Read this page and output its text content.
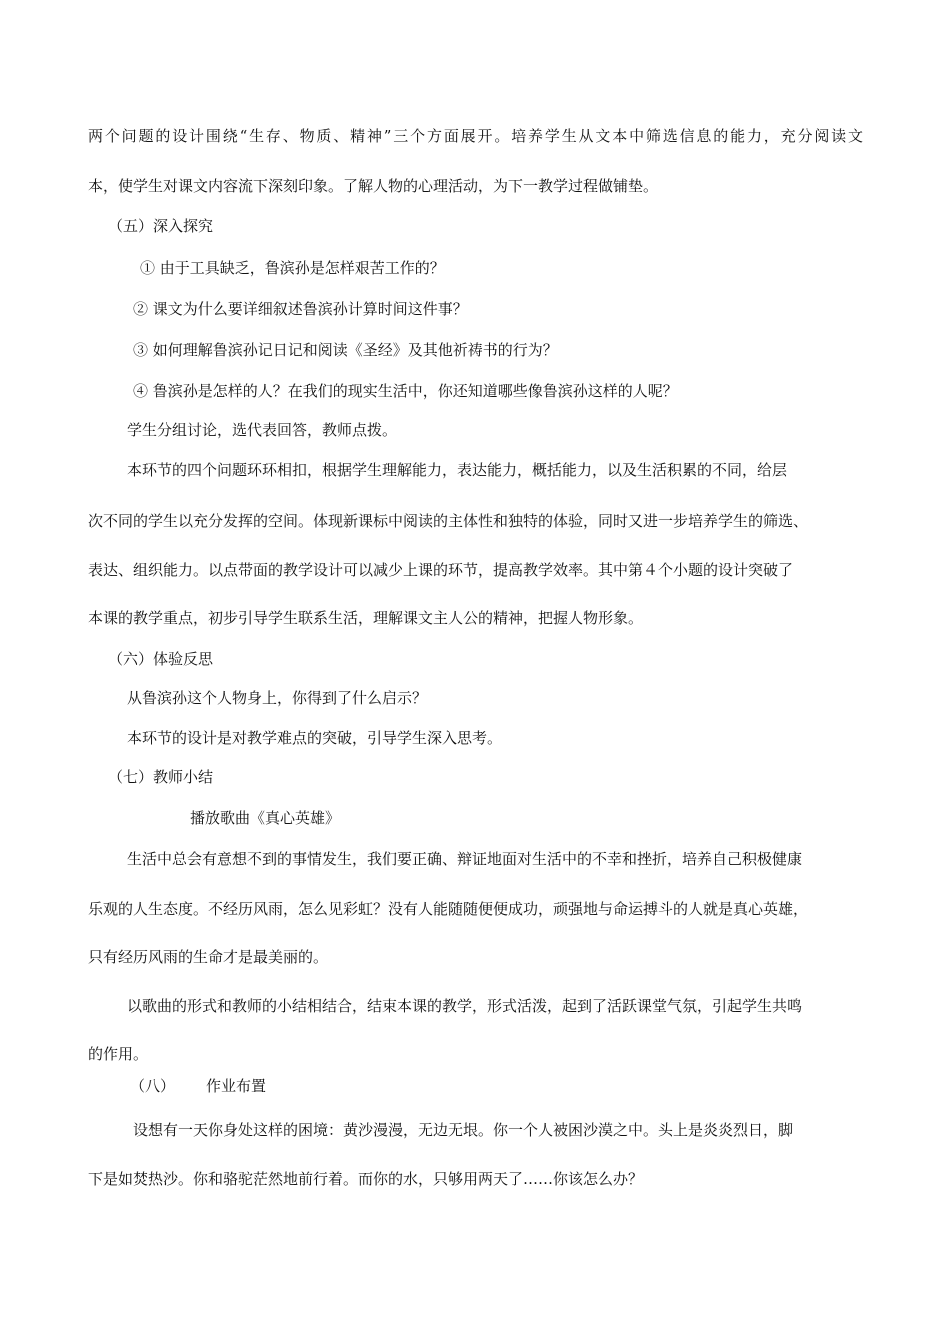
两个问题的设计围绕“生存、物质、精神”三个方面展开。培养学生从文本中筛选信息的能力，充分阅读文
本，使学生对课文内容流下深刻印象。了解人物的心理活动，为下一教学过程做铺垫。
（五）深入探究
① 由于工具缺乏，鲁滨孙是怎样艰苦工作的？
② 课文为什么要详细叙述鲁滨孙计算时间这件事？
③ 如何理解鲁滨孙记日记和阅读《圣经》及其他祈祷书的行为？
④ 鲁滨孙是怎样的人？在我们的现实生活中，你还知道哪些像鲁滨孙这样的人呢？
学生分组讨论，选代表回答，教师点拨。
本环节的四个问题环环相扣，根据学生理解能力，表达能力，概括能力，以及生活积累的不同，给层
次不同的学生以充分发挥的空间。体现新课标中阅读的主体性和独特的体验，同时又进一步培养学生的筛选、
表达、组织能力。以点带面的教学设计可以减少上课的环节，提高教学效率。其中第４个小题的设计突破了
本课的教学重点，初步引导学生联系生活，理解课文主人公的精神，把握人物形象。
（六）体验反思
从鲁滨孙这个人物身上，你得到了什么启示？
本环节的设计是对教学难点的突破，引导学生深入思考。
（七）教师小结
播放歌曲《真心英雄》
生活中总会有意想不到的事情发生，我们要正确、辩证地面对生活中的不幸和挫折，培养自己积极健康
乐观的人生态度。不经历风雨，怎么见彩虹？没有人能随随便便成功，顽强地与命运搏斗的人就是真心英雄，
只有经历风雨的生命才是最美丽的。
以歌曲的形式和教师的小结相结合，结束本课的教学，形式活泼，起到了活跃课堂气氛，引起学生共鸣
的作用。
（八） 作业布置
设想有一天你身处这样的困境：黄沙漫漫，无边无垠。你一个人被困沙漠之中。头上是炎炎烈日，脚
下是如焚热沙。你和骆驼茫然地前行着。而你的水，只够用两天了……你该怎么办？
